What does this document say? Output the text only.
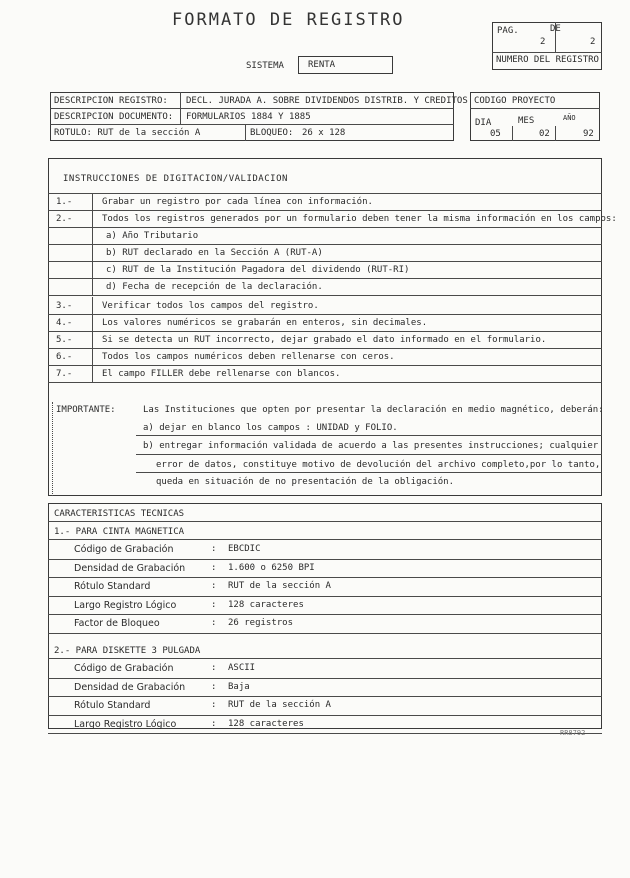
FORMATO DE REGISTRO
PAG.	DE
2	2
NUMERO DEL REGISTRO
SISTEMA	RENTA
DESCRIPCION REGISTRO: DECL. JURADA A. SOBRE DIVIDENDOS DISTRIB. Y CREDITOS
DESCRIPCION DOCUMENTO: FORMULARIOS 1884 Y 1885
ROTULO: RUT de la sección A	BLOQUEO: 26 x 128
CODIGO PROYECTO
DIA	MES	AÑO
05	02	92
INSTRUCCIONES DE DIGITACION/VALIDACION
1.-	Grabar un registro por cada línea con información.
2.-	Todos los registros generados por un formulario deben tener la misma información en los campos:
a) Año Tributario
b) RUT declarado en la Sección A (RUT-A)
c) RUT de la Institución Pagadora del dividendo (RUT-RI)
d) Fecha de recepción de la declaración.
3.-	Verificar todos los campos del registro.
4.-	Los valores numéricos se grabarán en enteros, sin decimales.
5.-	Si se detecta un RUT incorrecto, dejar grabado el dato informado en el formulario.
6.-	Todos los campos numéricos deben rellenarse con ceros.
7.-	El campo FILLER debe rellenarse con blancos.
IMPORTANTE:	Las Instituciones que opten por presentar la declaración en medio magnético, deberán:
a) dejar en blanco los campos : UNIDAD y FOLIO.
b) entregar información validada de acuerdo a las presentes instrucciones; cualquier
error de datos, constituye motivo de devolución del archivo completo,por lo tanto,
queda en situación de no presentación de la obligación.
CARACTERISTICAS TECNICAS
1.- PARA CINTA MAGNETICA
Código de Grabación	: EBCDIC
Densidad de Grabación	: 1.600 o 6250 BPI
Rótulo Standard	: RUT de la sección A
Largo Registro Lógico	: 128 caracteres
Factor de Bloqueo	: 26 registros
2.- PARA DISKETTE 3 PULGADA
Código de Grabación	: ASCII
Densidad de Grabación	: Baja
Rótulo Standard	: RUT de la sección A
Largo Registro Lógico	: 128 caracteres
RR8792
